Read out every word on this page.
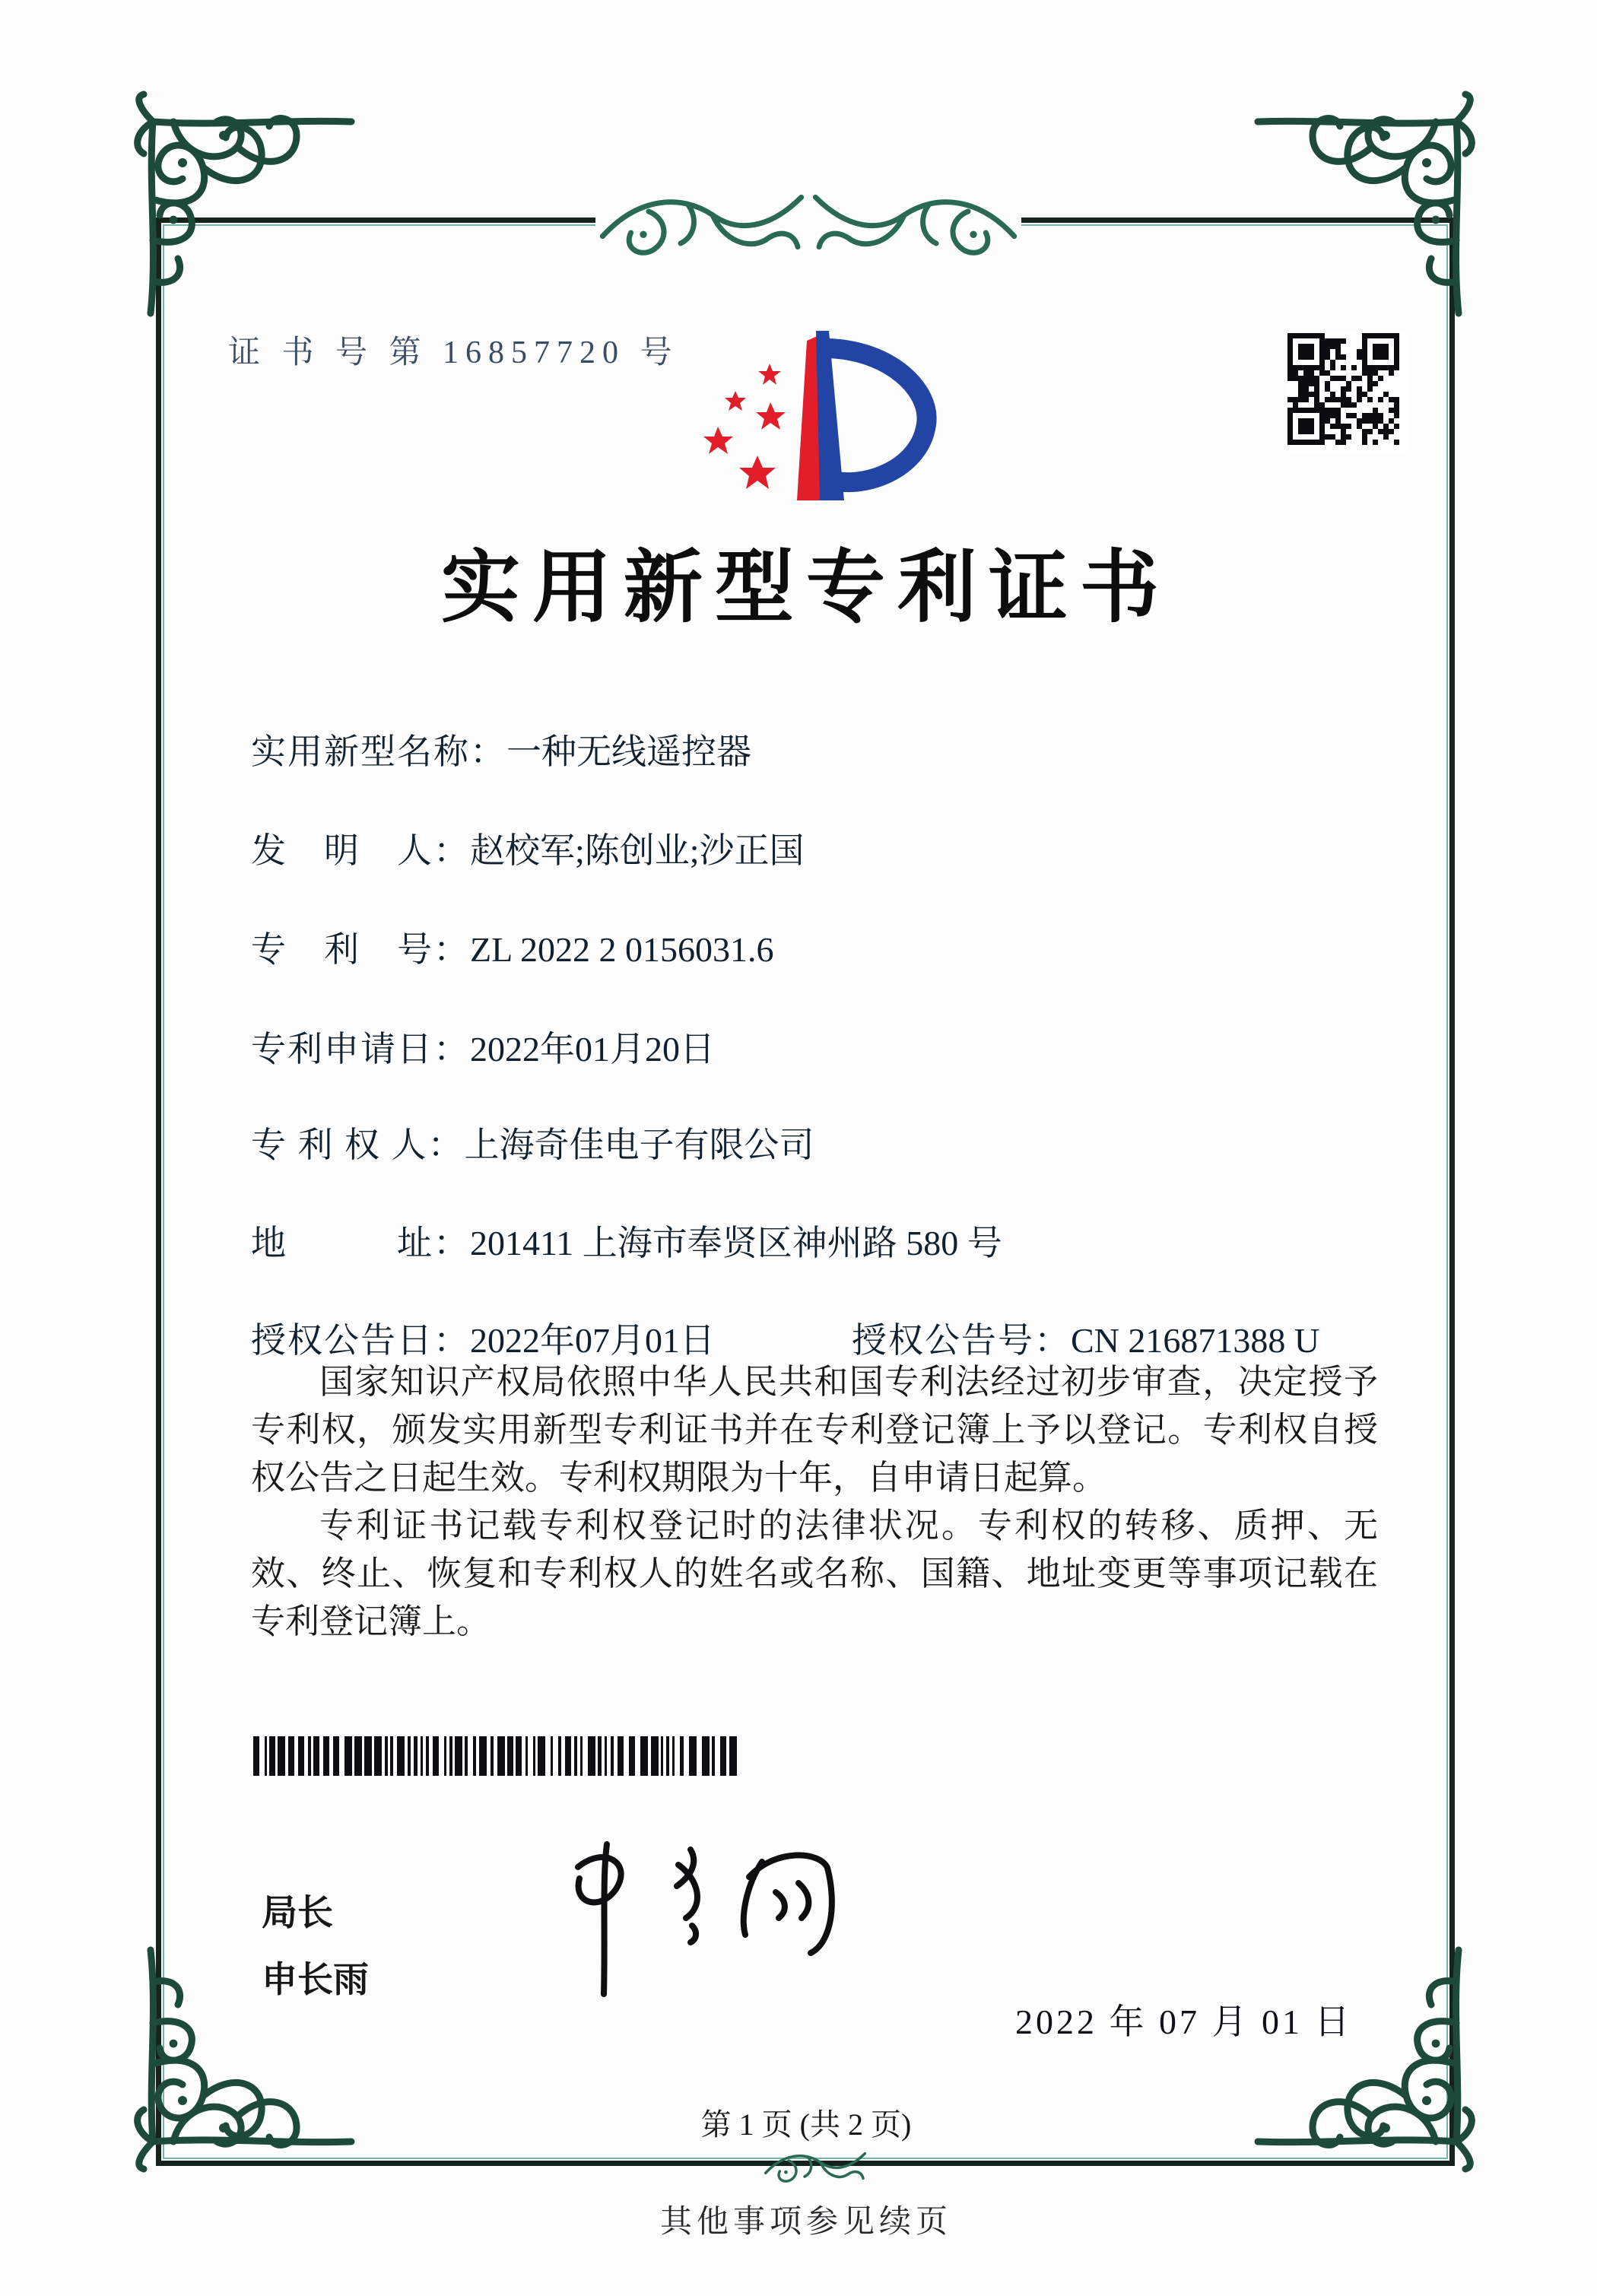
证 书 号 第 16857720 号
实用新型专利证书
实用新型名称：一种无线遥控器
发　明　人：赵校军;陈创业;沙正国
专　利　号：ZL 2022 2 0156031.6
专利申请日：2022年01月20日
专 利 权 人：上海奇佳电子有限公司
地　　　址：201411 上海市奉贤区神州路 580 号
授权公告日：2022年07月01日	授权公告号：CN 216871388 U

国家知识产权局依照中华人民共和国专利法经过初步审查，决定授予专利权，颁发实用新型专利证书并在专利登记簿上予以登记。专利权自授权公告之日起生效。专利权期限为十年，自申请日起算。

专利证书记载专利权登记时的法律状况。专利权的转移、质押、无效、终止、恢复和专利权人的姓名或名称、国籍、地址变更等事项记载在专利登记簿上。

局长
申长雨
2022 年 07 月 01 日
第 1 页 (共 2 页)
其他事项参见续页
